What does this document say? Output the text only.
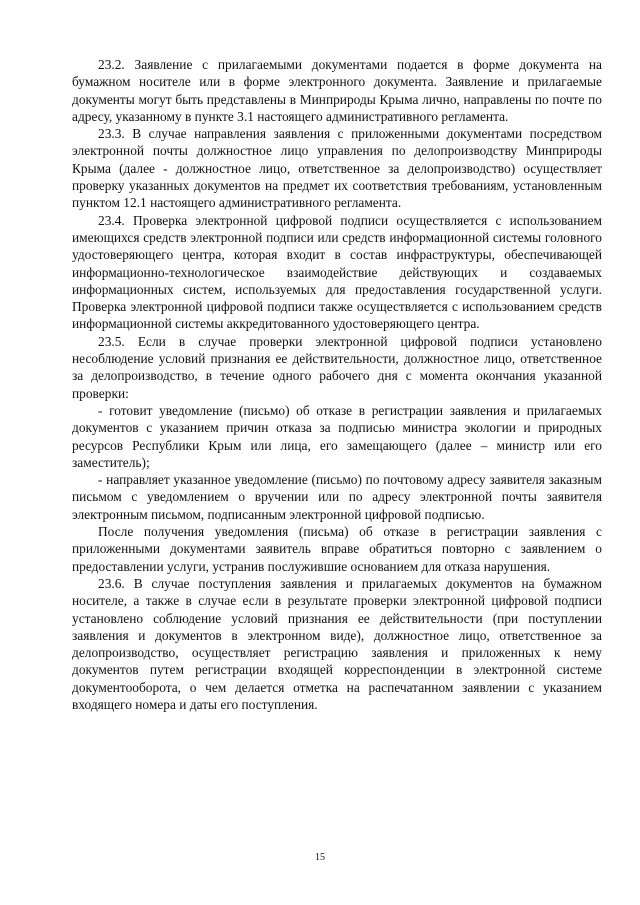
23.2. Заявление с прилагаемыми документами подается в форме документа на бумажном носителе или в форме электронного документа. Заявление и прилагаемые документы могут быть представлены в Минприроды Крыма лично, направлены по почте по адресу, указанному в пункте 3.1 настоящего административного регламента.

23.3. В случае направления заявления с приложенными документами посредством электронной почты должностное лицо управления по делопроизводству Минприроды Крыма (далее - должностное лицо, ответственное за делопроизводство) осуществляет проверку указанных документов на предмет их соответствия требованиям, установленным пунктом 12.1 настоящего административного регламента.

23.4. Проверка электронной цифровой подписи осуществляется с использованием имеющихся средств электронной подписи или средств информационной системы головного удостоверяющего центра, которая входит в состав инфраструктуры, обеспечивающей информационно-технологическое взаимодействие действующих и создаваемых информационных систем, используемых для предоставления государственной услуги. Проверка электронной цифровой подписи также осуществляется с использованием средств информационной системы аккредитованного удостоверяющего центра.

23.5. Если в случае проверки электронной цифровой подписи установлено несоблюдение условий признания ее действительности, должностное лицо, ответственное за делопроизводство, в течение одного рабочего дня с момента окончания указанной проверки:

- готовит уведомление (письмо) об отказе в регистрации заявления и прилагаемых документов с указанием причин отказа за подписью министра экологии и природных ресурсов Республики Крым или лица, его замещающего (далее – министр или его заместитель);

- направляет указанное уведомление (письмо) по почтовому адресу заявителя заказным письмом с уведомлением о вручении или по адресу электронной почты заявителя электронным письмом, подписанным электронной цифровой подписью.

После получения уведомления (письма) об отказе в регистрации заявления с приложенными документами заявитель вправе обратиться повторно с заявлением о предоставлении услуги, устранив послужившие основанием для отказа нарушения.

23.6. В случае поступления заявления и прилагаемых документов на бумажном носителе, а также в случае если в результате проверки электронной цифровой подписи установлено соблюдение условий признания ее действительности (при поступлении заявления и документов в электронном виде), должностное лицо, ответственное за делопроизводство, осуществляет регистрацию заявления и приложенных к нему документов путем регистрации входящей корреспонденции в электронной системе документооборота, о чем делается отметка на распечатанном заявлении с указанием входящего номера и даты его поступления.

15
